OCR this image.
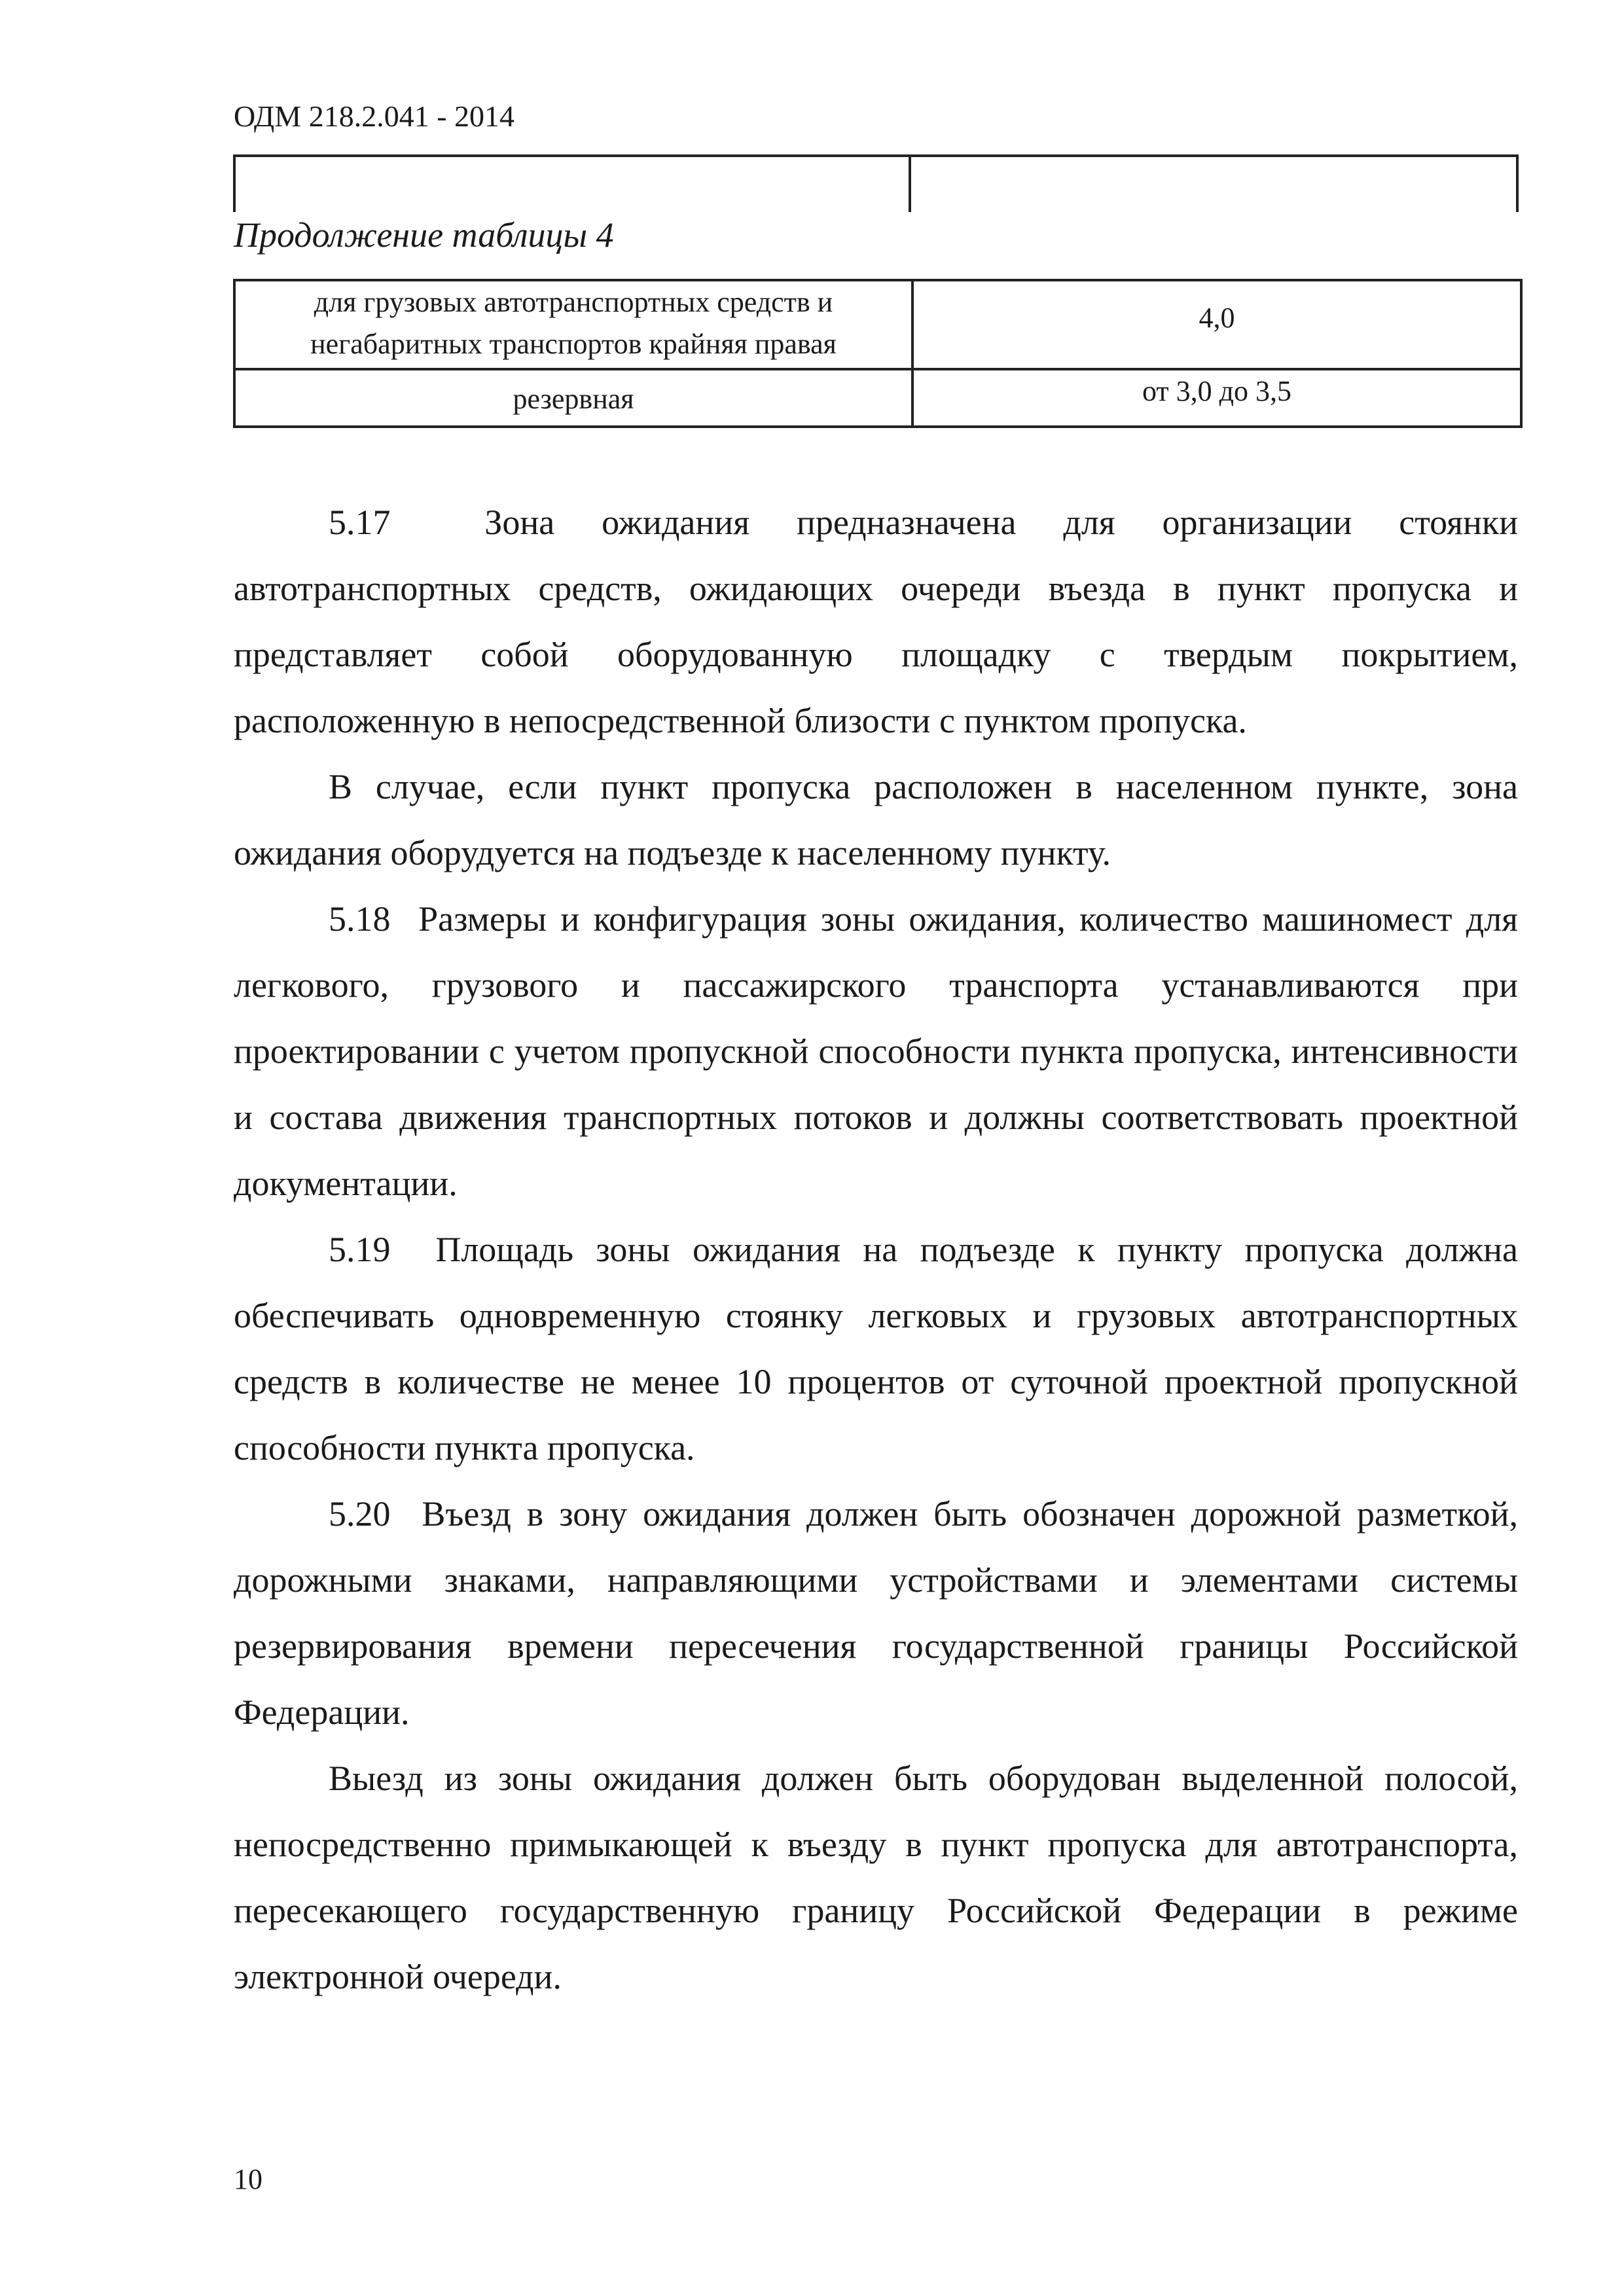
ОДМ 218.2.041 - 2014
Продолжение таблицы 4
для грузовых автотранспортных средств и
негабаритных транспортов крайняя правая	4,0
резервная	от 3,0 до 3,5

5.17  Зона ожидания предназначена для организации стоянки автотранспортных средств, ожидающих очереди въезда в пункт пропуска и представляет собой оборудованную площадку с твердым покрытием, расположенную в непосредственной близости с пунктом пропуска.

В случае, если пункт пропуска расположен в населенном пункте, зона ожидания оборудуется на подъезде к населенному пункту.

5.18  Размеры и конфигурация зоны ожидания, количество машиномест для легкового, грузового и пассажирского транспорта устанавливаются при проектировании с учетом пропускной способности пункта пропуска, интенсивности и состава движения транспортных потоков и должны соответствовать проектной документации.

5.19  Площадь зоны ожидания на подъезде к пункту пропуска должна обеспечивать одновременную стоянку легковых и грузовых автотранспортных средств в количестве не менее 10 процентов от суточной проектной пропускной способности пункта пропуска.

5.20  Въезд в зону ожидания должен быть обозначен дорожной разметкой, дорожными знаками, направляющими устройствами и элементами системы резервирования времени пересечения государственной границы Российской Федерации.

Выезд из зоны ожидания должен быть оборудован выделенной полосой, непосредственно примыкающей к въезду в пункт пропуска для автотранспорта, пересекающего государственную границу Российской Федерации в режиме электронной очереди.

10
